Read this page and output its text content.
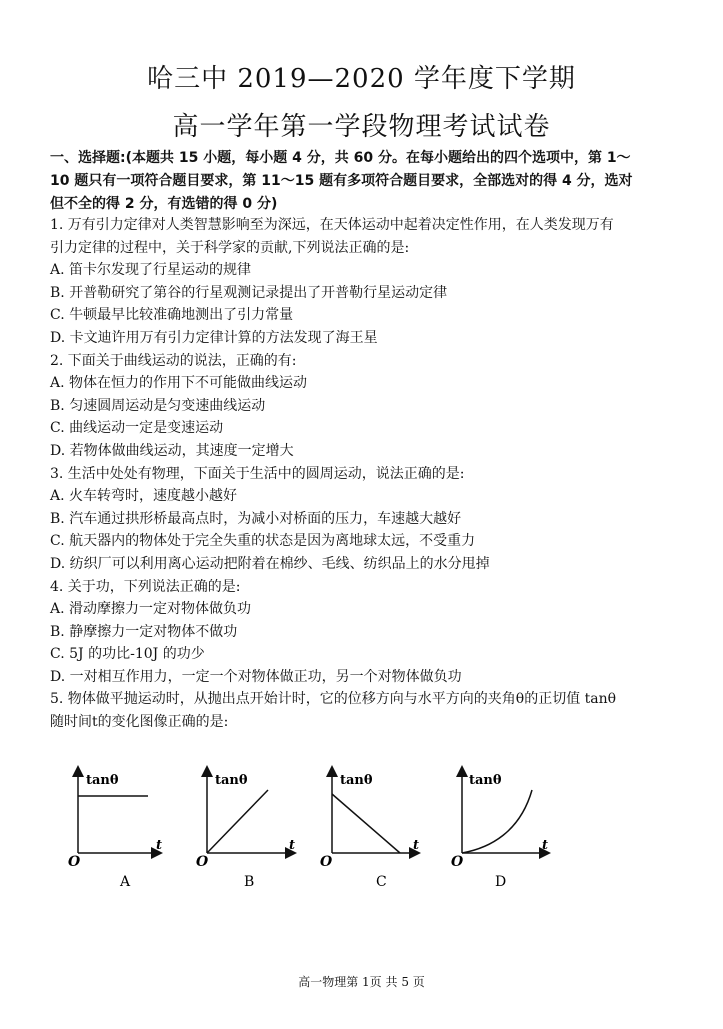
哈三中 2019—2020 学年度下学期
高一学年第一学段物理考试试卷
一、选择题:(本题共 15 小题，每小题 4 分，共 60 分。在每小题给出的四个选项中，第 1～
10 题只有一项符合题目要求，第 11～15 题有多项符合题目要求，全部选对的得 4 分，选对
但不全的得 2 分，有选错的得 0 分)
1. 万有引力定律对人类智慧影响至为深远，在天体运动中起着决定性作用，在人类发现万有
引力定律的过程中，关于科学家的贡献,下列说法正确的是:
A. 笛卡尔发现了行星运动的规律
B. 开普勒研究了第谷的行星观测记录提出了开普勒行星运动定律
C. 牛顿最早比较准确地测出了引力常量
D. 卡文迪许用万有引力定律计算的方法发现了海王星
2. 下面关于曲线运动的说法，正确的有:
A. 物体在恒力的作用下不可能做曲线运动
B. 匀速圆周运动是匀变速曲线运动
C. 曲线运动一定是变速运动
D. 若物体做曲线运动，其速度一定增大
3. 生活中处处有物理，下面关于生活中的圆周运动，说法正确的是:
A. 火车转弯时，速度越小越好
B. 汽车通过拱形桥最高点时，为减小对桥面的压力，车速越大越好
C. 航天器内的物体处于完全失重的状态是因为离地球太远，不受重力
D. 纺织厂可以利用离心运动把附着在棉纱、毛线、纺织品上的水分甩掉
4. 关于功，下列说法正确的是:
A. 滑动摩擦力一定对物体做负功
B. 静摩擦力一定对物体不做功
C. 5J 的功比-10J 的功少
D. 一对相互作用力，一定一个对物体做正功，另一个对物体做负功
5. 物体做平抛运动时，从抛出点开始计时，它的位移方向与水平方向的夹角θ的正切值 tanθ
随时间t的变化图像正确的是:
tanθ
t
O
A
tanθ
t
O
B
tanθ
t
O
C
tanθ
t
O
D
高一物理第 1页 共 5 页
